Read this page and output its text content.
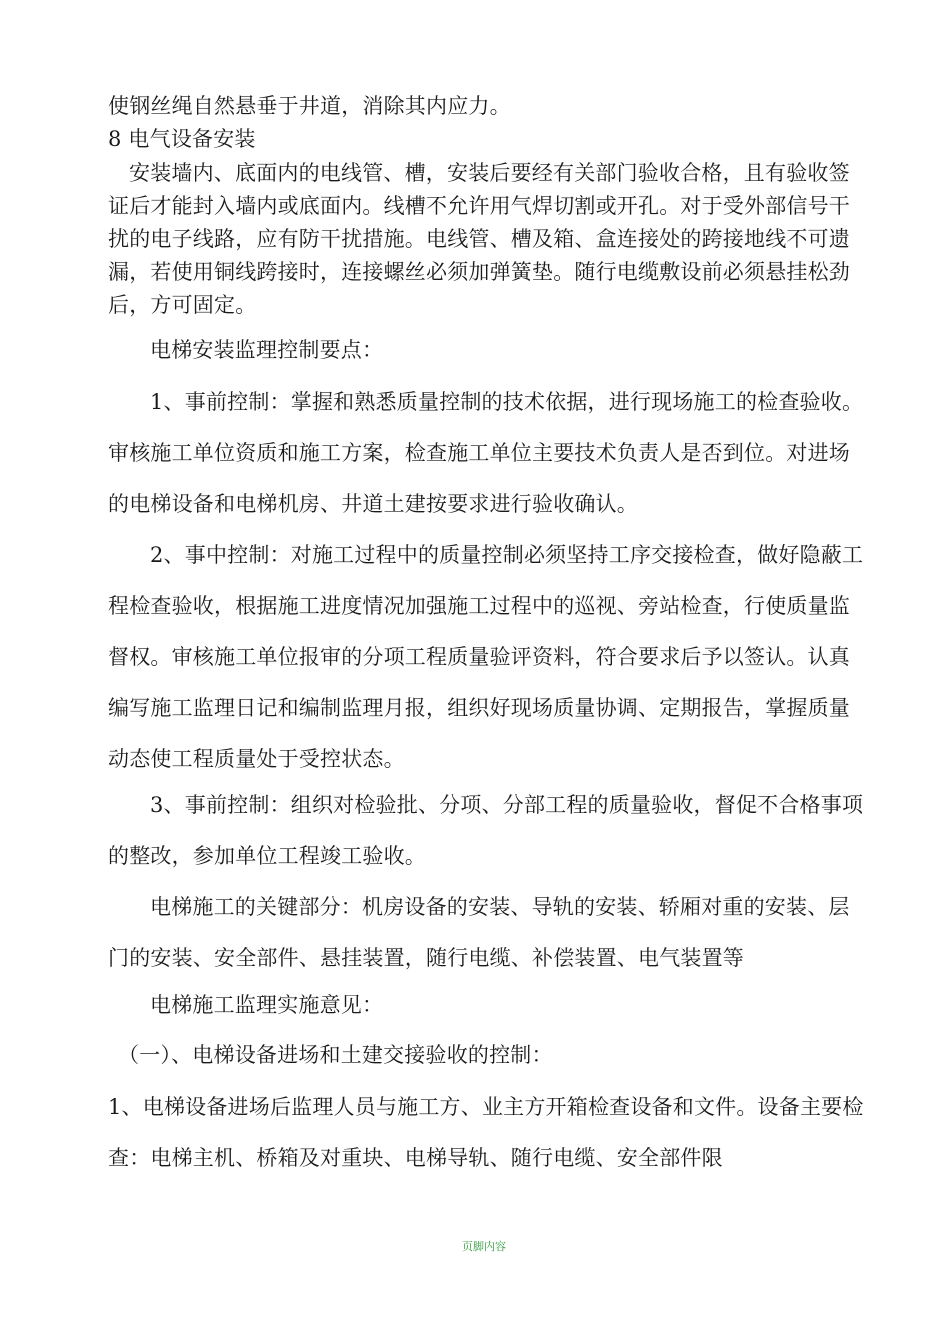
使钢丝绳自然悬垂于井道，消除其内应力。

8 电气设备安装

安装墙内、底面内的电线管、槽，安装后要经有关部门验收合格，且有验收签证后才能封入墙内或底面内。线槽不允许用气焊切割或开孔。对于受外部信号干扰的电子线路，应有防干扰措施。电线管、槽及箱、盒连接处的跨接地线不可遗漏，若使用铜线跨接时，连接螺丝必须加弹簧垫。随行电缆敷设前必须悬挂松劲后，方可固定。

电梯安装监理控制要点：

1、事前控制：掌握和熟悉质量控制的技术依据，进行现场施工的检查验收。审核施工单位资质和施工方案，检查施工单位主要技术负责人是否到位。对进场的电梯设备和电梯机房、井道土建按要求进行验收确认。

2、事中控制：对施工过程中的质量控制必须坚持工序交接检查，做好隐蔽工程检查验收，根据施工进度情况加强施工过程中的巡视、旁站检查，行使质量监督权。审核施工单位报审的分项工程质量验评资料，符合要求后予以签认。认真编写施工监理日记和编制监理月报，组织好现场质量协调、定期报告，掌握质量动态使工程质量处于受控状态。

3、事前控制：组织对检验批、分项、分部工程的质量验收，督促不合格事项的整改，参加单位工程竣工验收。

电梯施工的关键部分：机房设备的安装、导轨的安装、轿厢对重的安装、层门的安装、安全部件、悬挂装置，随行电缆、补偿装置、电气装置等

电梯施工监理实施意见：

（一）、电梯设备进场和土建交接验收的控制：

1、电梯设备进场后监理人员与施工方、业主方开箱检查设备和文件。设备主要检查：电梯主机、桥箱及对重块、电梯导轨、随行电缆、安全部件限

页脚内容
